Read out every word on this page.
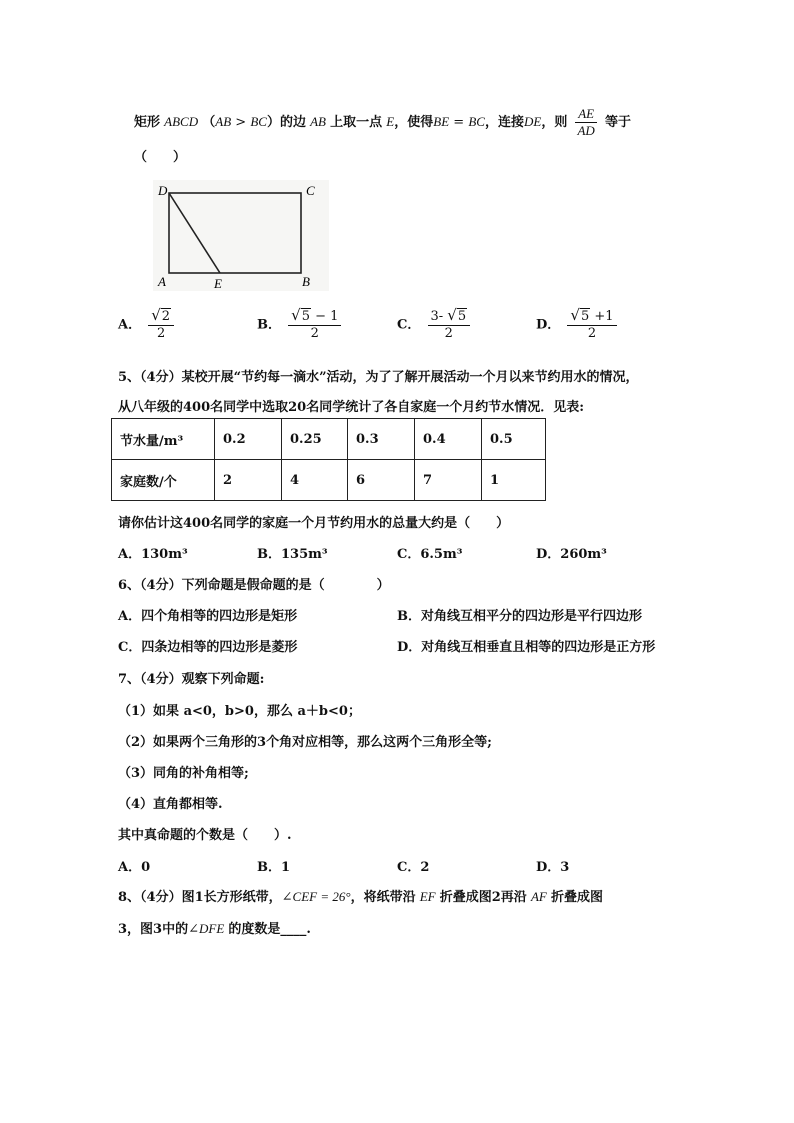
矩形 ABCD （AB > BC）的边 AB 上取一点 E，使得BE = BC，连接DE，则 $\frac{AE}{AD}$ 等于
（　　）
D	C
A	E	B
A． $\frac{√ 2}{2}$	B． $\frac{√ 5 - 1}{2}$	C． $\frac{3- √ 5}{2}$	D． $\frac{√ 5 +1}{2}$
5、（4分）某校开展“节约每一滴水”活动，为了了解开展活动一个月以来节约用水的情况，
从八年级的400名同学中选取20名同学统计了各自家庭一个月约节水情况．见表:
节水量/m³	0.2	0.25	0.3	0.4	0.5
家庭数/个	2	4	6	7	1
请你估计这400名同学的家庭一个月节约用水的总量大约是（　　）
A．130m³	B．135m³	C．6.5m³	D．260m³
6、（4分）下列命题是假命题的是（　　　　）
A．四个角相等的四边形是矩形	B．对角线互相平分的四边形是平行四边形
C．四条边相等的四边形是菱形	D．对角线互相垂直且相等的四边形是正方形
7、（4分）观察下列命题:
（1）如果 a<0，b>0，那么 a＋b<0；
（2）如果两个三角形的3个角对应相等，那么这两个三角形全等;
（3）同角的补角相等;
（4）直角都相等.
其中真命题的个数是（　　）.
A．0	B．1	C．2	D．3
8、（4分）图1长方形纸带，∠CEF = 26°，将纸带沿 EF 折叠成图2再沿 AF 折叠成图
3，图3中的∠DFE 的度数是____.
